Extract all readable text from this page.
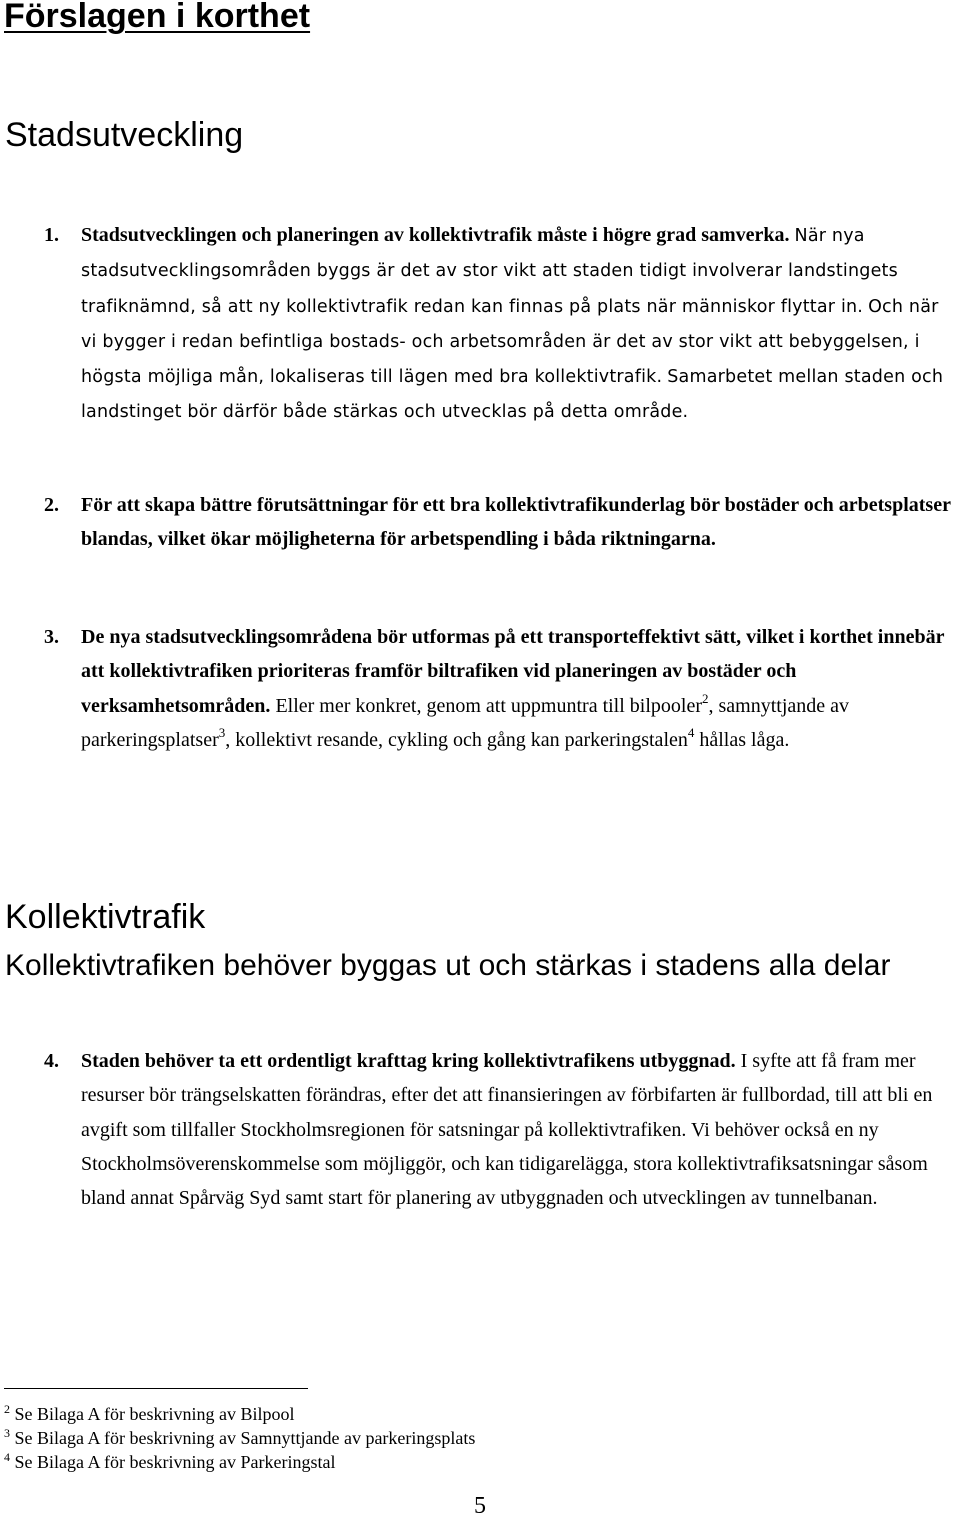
Förslagen i korthet
Stadsutveckling
1. Stadsutvecklingen och planeringen av kollektivtrafik måste i högre grad samverka. När nya stadsutvecklingsområden byggs är det av stor vikt att staden tidigt involverar landstingets trafiknämnd, så att ny kollektivtrafik redan kan finnas på plats när människor flyttar in. Och när vi bygger i redan befintliga bostads- och arbetsområden är det av stor vikt att bebyggelsen, i högsta möjliga mån, lokaliseras till lägen med bra kollektivtrafik. Samarbetet mellan staden och landstinget bör därför både stärkas och utvecklas på detta område.
2. För att skapa bättre förutsättningar för ett bra kollektivtrafikunderlag bör bostäder och arbetsplatser blandas, vilket ökar möjligheterna för arbetspendling i båda riktningarna.
3. De nya stadsutvecklingsområdena bör utformas på ett transporteffektivt sätt, vilket i korthet innebär att kollektivtrafiken prioriteras framför biltrafiken vid planeringen av bostäder och verksamhetsområden. Eller mer konkret, genom att uppmuntra till bilpooler$^2$, samnyttjande av parkeringsplatser$^3$, kollektivt resande, cykling och gång kan parkeringstalen$^4$ hållas låga.
Kollektivtrafik
Kollektivtrafiken behöver byggas ut och stärkas i stadens alla delar
4. Staden behöver ta ett ordentligt krafttag kring kollektivtrafikens utbyggnad. I syfte att få fram mer resurser bör trängselskatten förändras, efter det att finansieringen av förbifarten är fullbordad, till att bli en avgift som tillfaller Stockholmsregionen för satsningar på kollektivtrafiken. Vi behöver också en ny Stockholmsöverenskommelse som möjliggör, och kan tidigarelägga, stora kollektivtrafiksatsningar såsom bland annat Spårväg Syd samt start för planering av utbyggnaden och utvecklingen av tunnelbanan.
$^2$ Se Bilaga A för beskrivning av Bilpool
$^3$ Se Bilaga A för beskrivning av Samnyttjande av parkeringsplats
$^4$ Se Bilaga A för beskrivning av Parkeringstal
5
